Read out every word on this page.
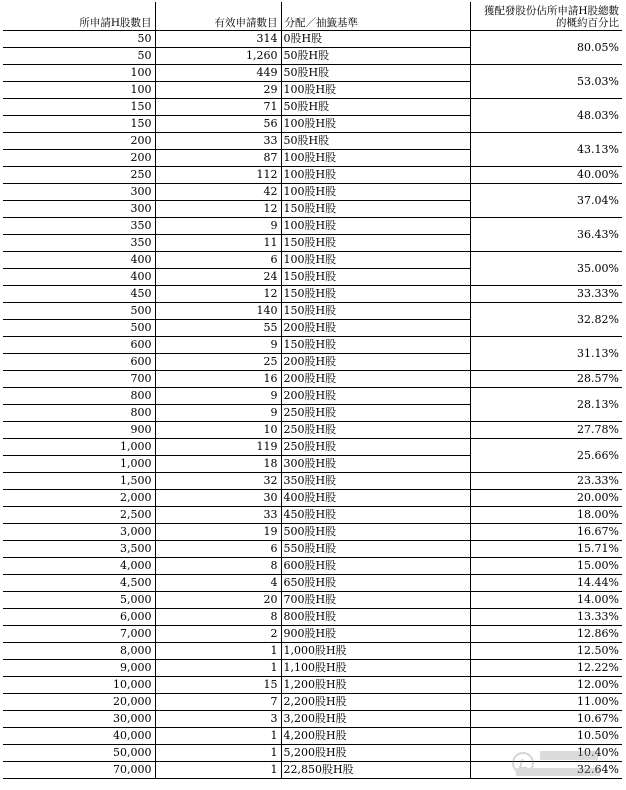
所申請H股數目	有效申請數目	分配／抽籤基準	獲配發股份佔所申請H股總數的概約百分比
50	314	0股H股	80.05%
50	1,260	50股H股	
100	449	50股H股	53.03%
100	29	100股H股	
150	71	50股H股	48.03%
150	56	100股H股	
200	33	50股H股	43.13%
200	87	100股H股	
250	112	100股H股	40.00%
300	42	100股H股	37.04%
300	12	150股H股	
350	9	100股H股	36.43%
350	11	150股H股	
400	6	100股H股	35.00%
400	24	150股H股	
450	12	150股H股	33.33%
500	140	150股H股	32.82%
500	55	200股H股	
600	9	150股H股	31.13%
600	25	200股H股	
700	16	200股H股	28.57%
800	9	200股H股	28.13%
800	9	250股H股	
900	10	250股H股	27.78%
1,000	119	250股H股	25.66%
1,000	18	300股H股	
1,500	32	350股H股	23.33%
2,000	30	400股H股	20.00%
2,500	33	450股H股	18.00%
3,000	19	500股H股	16.67%
3,500	6	550股H股	15.71%
4,000	8	600股H股	15.00%
4,500	4	650股H股	14.44%
5,000	20	700股H股	14.00%
6,000	8	800股H股	13.33%
7,000	2	900股H股	12.86%
8,000	1	1,000股H股	12.50%
9,000	1	1,100股H股	12.22%
10,000	15	1,200股H股	12.00%
20,000	7	2,200股H股	11.00%
30,000	3	3,200股H股	10.67%
40,000	1	4,200股H股	10.50%
50,000	1	5,200股H股	10.40%
70,000	1	22,850股H股	32.64%
